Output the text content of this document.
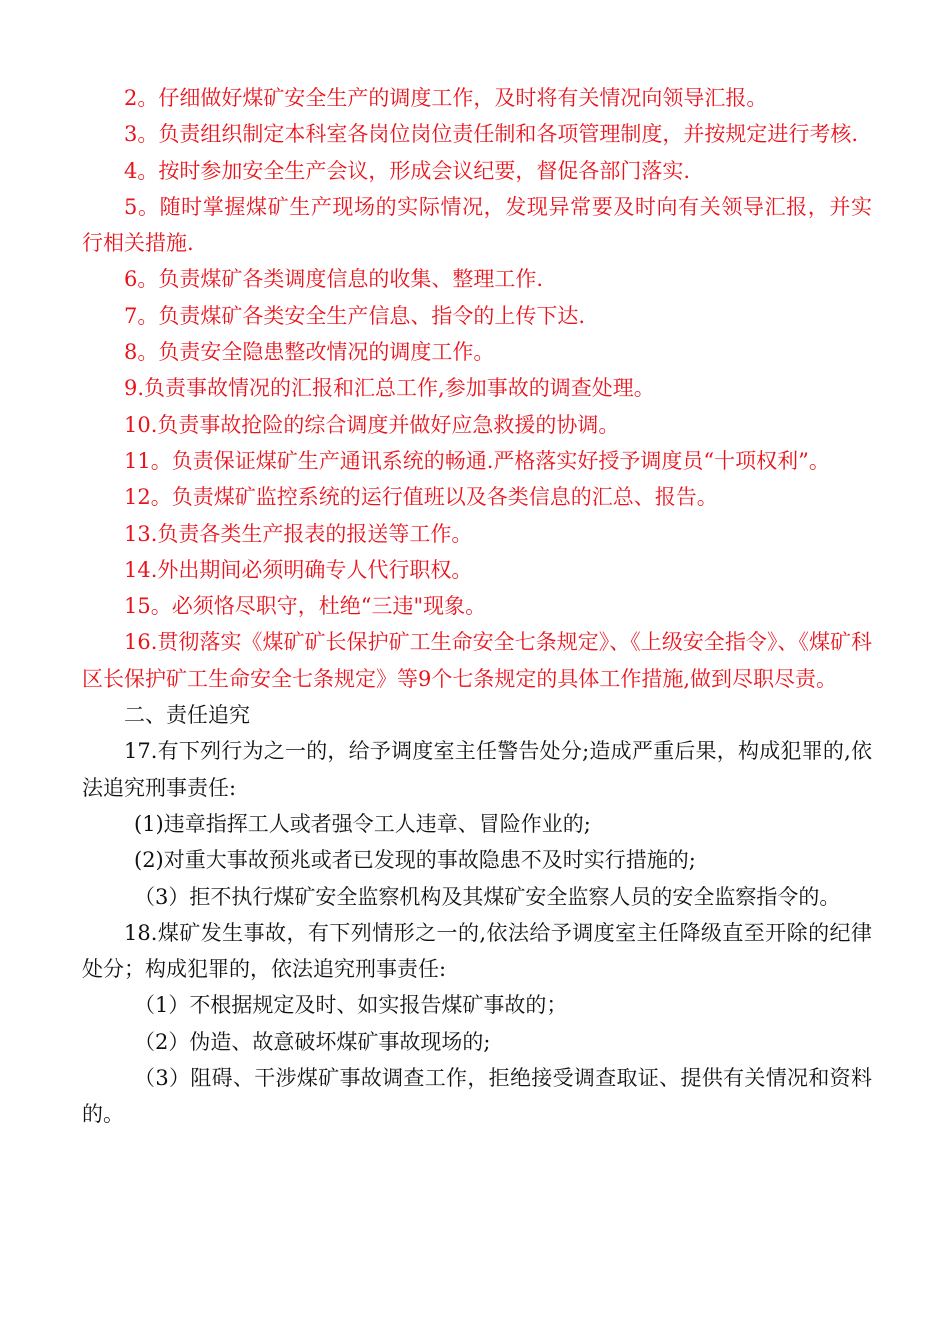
2。仔细做好煤矿安全生产的调度工作，及时将有关情况向领导汇报。

3。负责组织制定本科室各岗位岗位责任制和各项管理制度，并按规定进行考核.

4。按时参加安全生产会议，形成会议纪要，督促各部门落实.

5。随时掌握煤矿生产现场的实际情况，发现异常要及时向有关领导汇报，并实行相关措施.

6。负责煤矿各类调度信息的收集、整理工作.

7。负责煤矿各类安全生产信息、指令的上传下达.

8。负责安全隐患整改情况的调度工作。

9.负责事故情况的汇报和汇总工作,参加事故的调查处理。

10.负责事故抢险的综合调度并做好应急救援的协调。

11。负责保证煤矿生产通讯系统的畅通.严格落实好授予调度员“十项权利”。

12。负责煤矿监控系统的运行值班以及各类信息的汇总、报告。

13.负责各类生产报表的报送等工作。

14.外出期间必须明确专人代行职权。

15。必须恪尽职守，杜绝“三违"现象。

16.贯彻落实《煤矿矿长保护矿工生命安全七条规定》、《上级安全指令》、《煤矿科区长保护矿工生命安全七条规定》等9个七条规定的具体工作措施,做到尽职尽责。

二、责任追究

17.有下列行为之一的，给予调度室主任警告处分;造成严重后果，构成犯罪的,依法追究刑事责任:

(1)违章指挥工人或者强令工人违章、冒险作业的;

(2)对重大事故预兆或者已发现的事故隐患不及时实行措施的;

（3）拒不执行煤矿安全监察机构及其煤矿安全监察人员的安全监察指令的。

18.煤矿发生事故，有下列情形之一的,依法给予调度室主任降级直至开除的纪律处分；构成犯罪的，依法追究刑事责任:

（1）不根据规定及时、如实报告煤矿事故的；

（2）伪造、故意破坏煤矿事故现场的;

（3）阻碍、干涉煤矿事故调查工作，拒绝接受调查取证、提供有关情况和资料的。
